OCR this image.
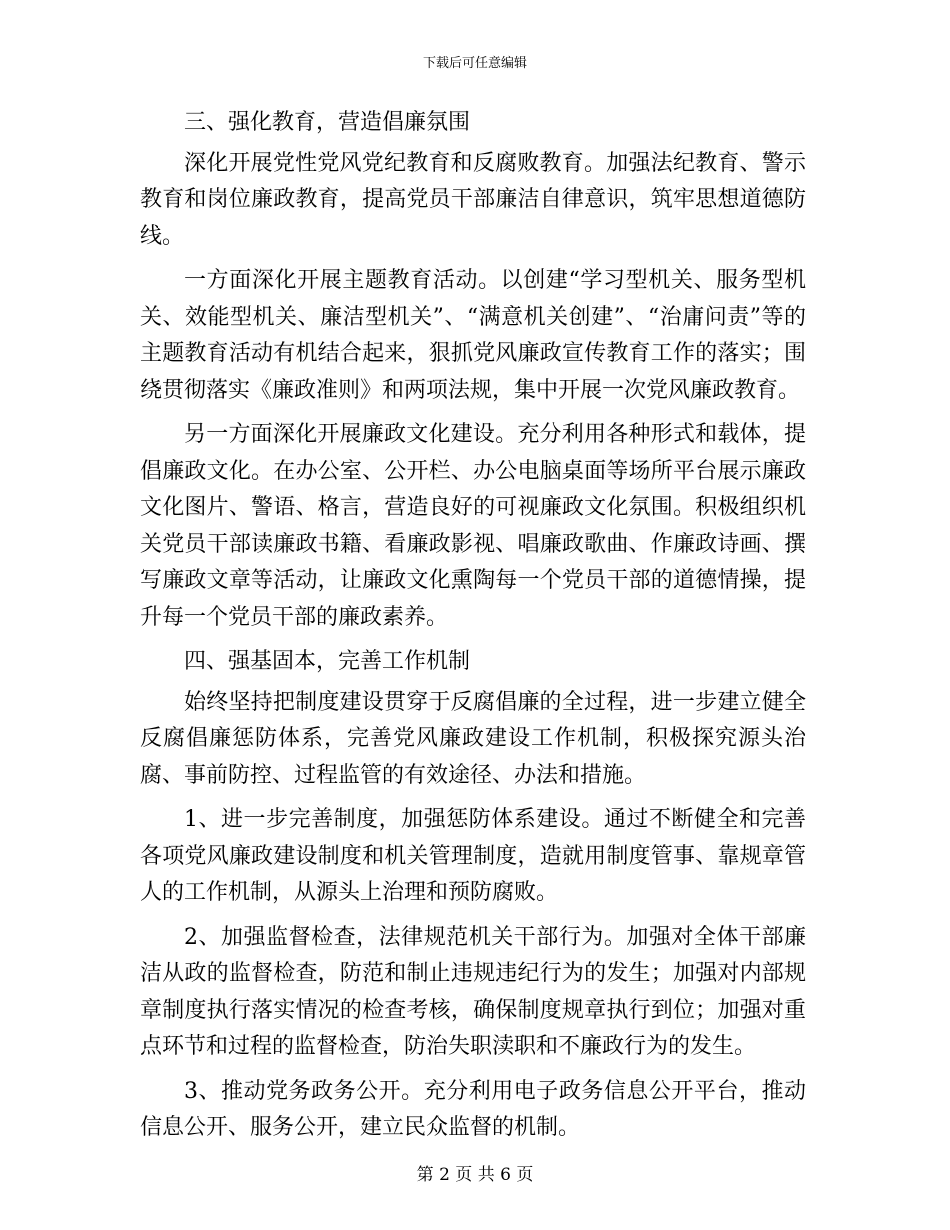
下载后可任意编辑

三、强化教育，营造倡廉氛围

深化开展党性党风党纪教育和反腐败教育。加强法纪教育、警示教育和岗位廉政教育，提高党员干部廉洁自律意识，筑牢思想道德防线。

一方面深化开展主题教育活动。以创建“学习型机关、服务型机关、效能型机关、廉洁型机关”、“满意机关创建”、“治庸问责”等的主题教育活动有机结合起来，狠抓党风廉政宣传教育工作的落实；围绕贯彻落实《廉政准则》和两项法规，集中开展一次党风廉政教育。

另一方面深化开展廉政文化建设。充分利用各种形式和载体，提倡廉政文化。在办公室、公开栏、办公电脑桌面等场所平台展示廉政文化图片、警语、格言，营造良好的可视廉政文化氛围。积极组织机关党员干部读廉政书籍、看廉政影视、唱廉政歌曲、作廉政诗画、撰写廉政文章等活动，让廉政文化熏陶每一个党员干部的道德情操，提升每一个党员干部的廉政素养。

四、强基固本，完善工作机制

始终坚持把制度建设贯穿于反腐倡廉的全过程，进一步建立健全反腐倡廉惩防体系，完善党风廉政建设工作机制，积极探究源头治腐、事前防控、过程监管的有效途径、办法和措施。

1、进一步完善制度，加强惩防体系建设。通过不断健全和完善各项党风廉政建设制度和机关管理制度，造就用制度管事、靠规章管人的工作机制，从源头上治理和预防腐败。

2、加强监督检查，法律规范机关干部行为。加强对全体干部廉洁从政的监督检查，防范和制止违规违纪行为的发生；加强对内部规章制度执行落实情况的检查考核，确保制度规章执行到位；加强对重点环节和过程的监督检查，防治失职渎职和不廉政行为的发生。

3、推动党务政务公开。充分利用电子政务信息公开平台，推动信息公开、服务公开，建立民众监督的机制。

第 2 页 共 6 页
